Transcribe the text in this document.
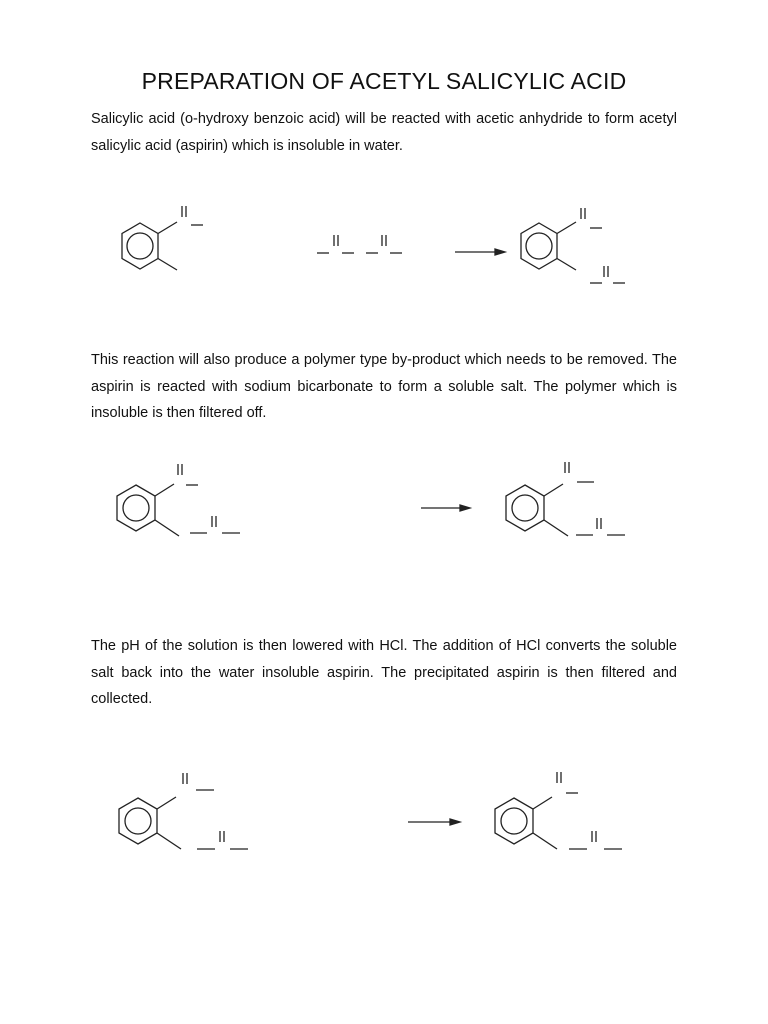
PREPARATION OF ACETYL SALICYLIC ACID

Salicylic acid (o-hydroxy benzoic acid) will be reacted with acetic anhydride to form acetyl salicylic acid (aspirin) which is insoluble in water.

This reaction will also produce a polymer type by-product which needs to be removed. The aspirin is reacted with sodium bicarbonate to form a soluble salt. The polymer which is insoluble is then filtered off.

The pH of the solution is then lowered with HCl. The addition of HCl converts the soluble salt back into the water insoluble aspirin. The precipitated aspirin is then filtered and collected.
